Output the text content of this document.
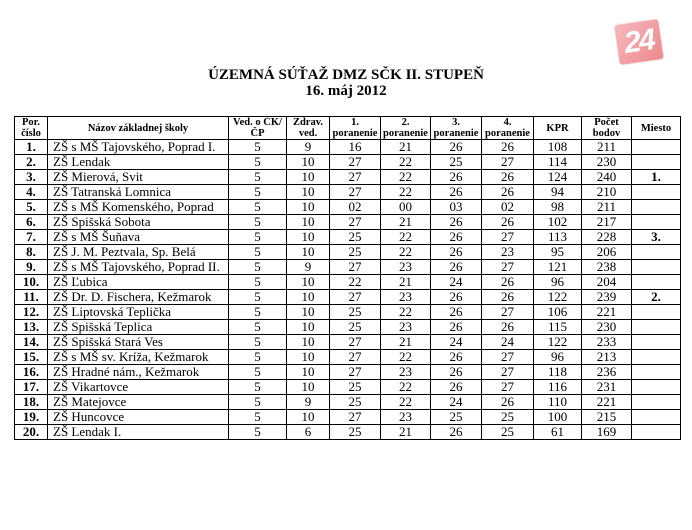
24
ÚZEMNÁ SÚŤAŽ DMZ SČK II. STUPEŇ
16. máj 2012
Por. číslo	Názov základnej školy	Ved. o ČK/ČP	Zdrav. ved.	1. poranenie	2. poranenie	3. poranenie	4. poranenie	KPR	Počet bodov	Miesto
1.	ZŠ s MŠ Tajovského, Poprad I.	5	9	16	21	26	26	108	211	
2.	ZŠ Lendak	5	10	27	22	25	27	114	230	
3.	ZŠ Mierová, Svit	5	10	27	22	26	26	124	240	1.
4.	ZŠ Tatranská Lomnica	5	10	27	22	26	26	94	210	
5.	ZŠ s MŠ Komenského, Poprad	5	10	02	00	03	02	98	211	
6.	ZŠ Spišská Sobota	5	10	27	21	26	26	102	217	
7.	ZŠ s MŠ Šuňava	5	10	25	22	26	27	113	228	3.
8.	ZŠ J. M. Peztvala, Sp. Belá	5	10	25	22	26	23	95	206	
9.	ZŠ s MŠ Tajovského, Poprad II.	5	9	27	23	26	27	121	238	
10.	ZŠ Ľubica	5	10	22	21	24	26	96	204	
11.	ZŠ Dr. D. Fischera, Kežmarok	5	10	27	23	26	26	122	239	2.
12.	ZŠ Liptovská Teplička	5	10	25	22	26	27	106	221	
13.	ZŠ Spišská Teplica	5	10	25	23	26	26	115	230	
14.	ZŠ Spišská Stará Ves	5	10	27	21	24	24	122	233	
15.	ZŠ s MŠ sv. Kríža, Kežmarok	5	10	27	22	26	27	96	213	
16.	ZŠ Hradné nám., Kežmarok	5	10	27	23	26	27	118	236	
17.	ZŠ Vikartovce	5	10	25	22	26	27	116	231	
18.	ZŠ Matejovce	5	9	25	22	24	26	110	221	
19.	ZŠ Huncovce	5	10	27	23	25	25	100	215	
20.	ZŠ Lendak I.	5	6	25	21	26	25	61	169	
